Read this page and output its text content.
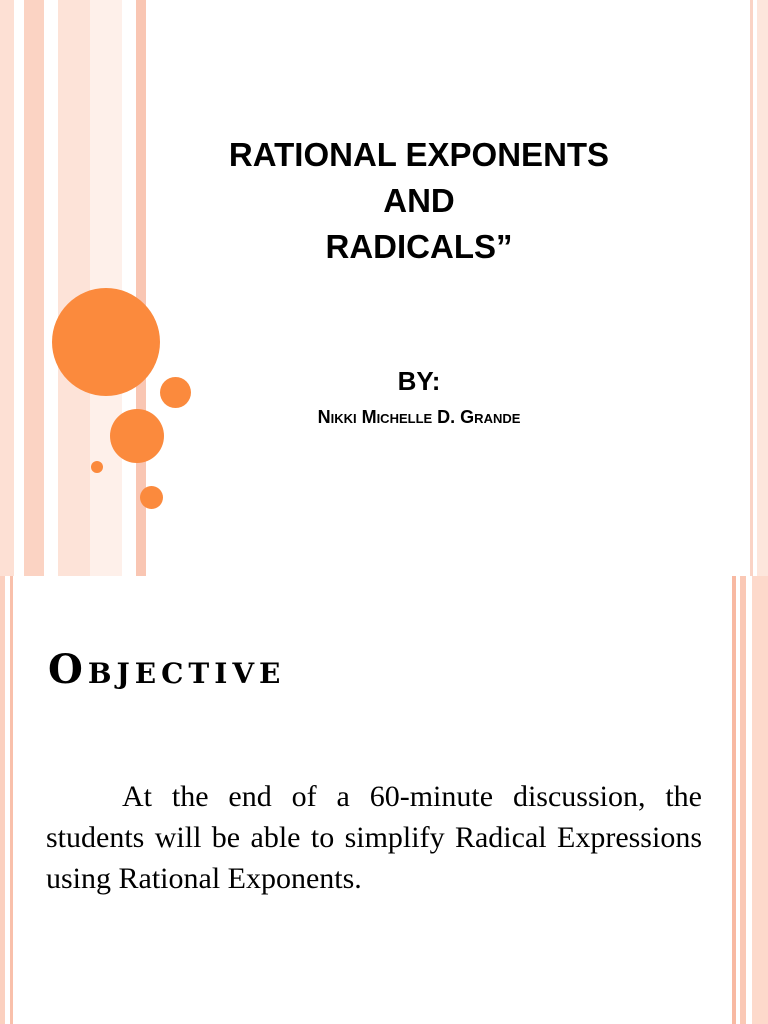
RATIONAL EXPONENTS
AND
RADICALS”
BY:
Nikki Michelle D. Grande
Objective
At the end of a 60-minute discussion, the students will be able to simplify Radical Expressions using Rational Exponents.
